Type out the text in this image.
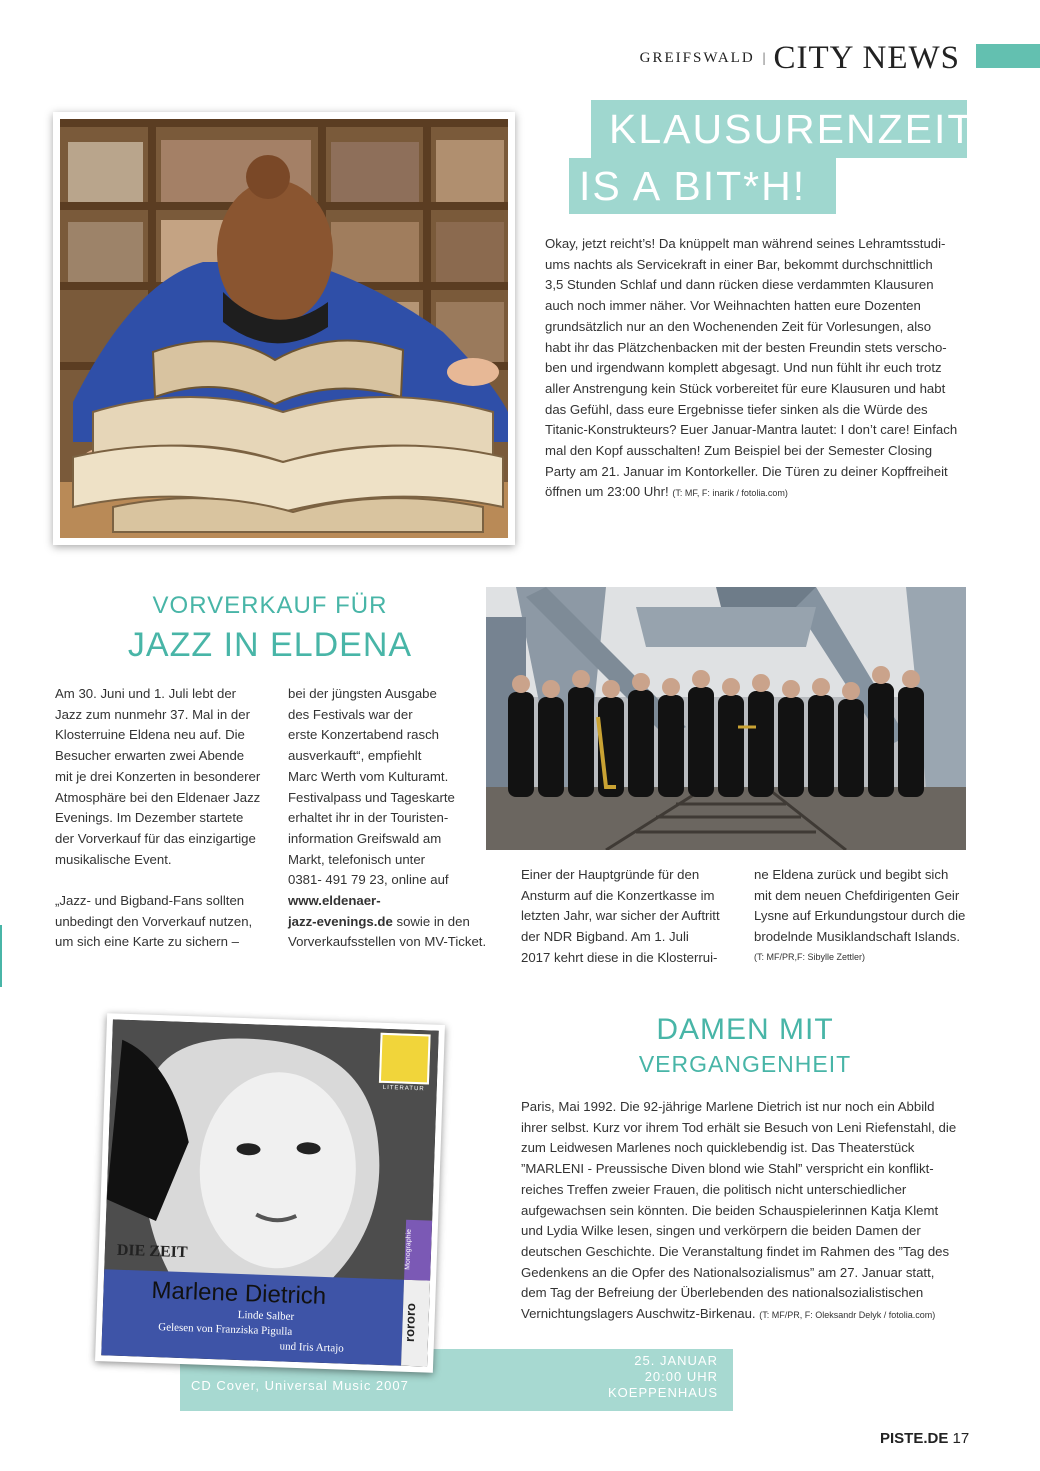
GREIFSWALD | CITY NEWS
KLAUSURENZEIT
IS A BIT*H!
Okay, jetzt reicht’s! Da knüppelt man während seines Lehramtsstudi-
ums nachts als Servicekraft in einer Bar, bekommt durchschnittlich
3,5 Stunden Schlaf und dann rücken diese verdammten Klausuren
auch noch immer näher. Vor Weihnachten hatten eure Dozenten
grundsätzlich nur an den Wochenenden Zeit für Vorlesungen, also
habt ihr das Plätzchenbacken mit der besten Freundin stets verscho-
ben und irgendwann komplett abgesagt. Und nun fühlt ihr euch trotz
aller Anstrengung kein Stück vorbereitet für eure Klausuren und habt
das Gefühl, dass eure Ergebnisse tiefer sinken als die Würde des
Titanic-Konstrukteurs? Euer Januar-Mantra lautet: I don’t care! Einfach
mal den Kopf ausschalten! Zum Beispiel bei der Semester Closing
Party am 21. Januar im Kontorkeller. Die Türen zu deiner Kopffreiheit
öffnen um 23:00 Uhr! (T: MF, F: inarik / fotolia.com)
VORVERKAUF FÜR
JAZZ IN ELDENA
Am 30. Juni und 1. Juli lebt der
Jazz zum nunmehr 37. Mal in der
Klosterruine Eldena neu auf. Die
Besucher erwarten zwei Abende
mit je drei Konzerten in besonderer
Atmosphäre bei den Eldenaer Jazz
Evenings. Im Dezember startete
der Vorverkauf für das einzigartige
musikalische Event.
„Jazz- und Bigband-Fans sollten
unbedingt den Vorverkauf nutzen,
um sich eine Karte zu sichern –
bei der jüngsten Ausgabe
des Festivals war der
erste Konzertabend rasch
ausverkauft“, empfiehlt
Marc Werth vom Kulturamt.
Festivalpass und Tageskarte
erhaltet ihr in der Touristen-
information Greifswald am
Markt, telefonisch unter
0381- 491 79 23, online auf
www.eldenaer-
jazz-evenings.de sowie in den
Vorverkaufsstellen von MV-Ticket.
Einer der Hauptgründe für den
Ansturm auf die Konzertkasse im
letzten Jahr, war sicher der Auftritt
der NDR Bigband. Am 1. Juli
2017 kehrt diese in die Klosterrui-
ne Eldena zurück und begibt sich
mit dem neuen Chefdirigenten Geir
Lysne auf Erkundungstour durch die
brodelnde Musiklandschaft Islands.
(T: MF/PR,F: Sibylle Zettler)
DAMEN MIT
VERGANGENHEIT
Paris, Mai 1992. Die 92-jährige Marlene Dietrich ist nur noch ein Abbild
ihrer selbst. Kurz vor ihrem Tod erhält sie Besuch von Leni Riefenstahl, die
zum Leidwesen Marlenes noch quicklebendig ist. Das Theaterstück
”MARLENI - Preussische Diven blond wie Stahl” verspricht ein konflikt-
reiches Treffen zweier Frauen, die politisch nicht unterschiedlicher
aufgewachsen sein könnten. Die beiden Schauspielerinnen Katja Klemt
und Lydia Wilke lesen, singen und verkörpern die beiden Damen der
deutschen Geschichte. Die Veranstaltung findet im Rahmen des ”Tag des
Gedenkens an die Opfer des Nationalsozialismus” am 27. Januar statt,
dem Tag der Befreiung der Überlebenden des nationalsozialistischen
Vernichtungslagers Auschwitz-Birkenau. (T: MF/PR, F: Oleksandr Delyk / fotolia.com)
CD Cover, Universal Music 2007
25. JANUAR
20:00 UHR
KOEPPENHAUS
LITERATUR
DIE ZEIT
rororo
Monographie
Marlene Dietrich
Linde Salber
Gelesen von Franziska Pigulla
und Iris Artajo
PISTE.DE 17
